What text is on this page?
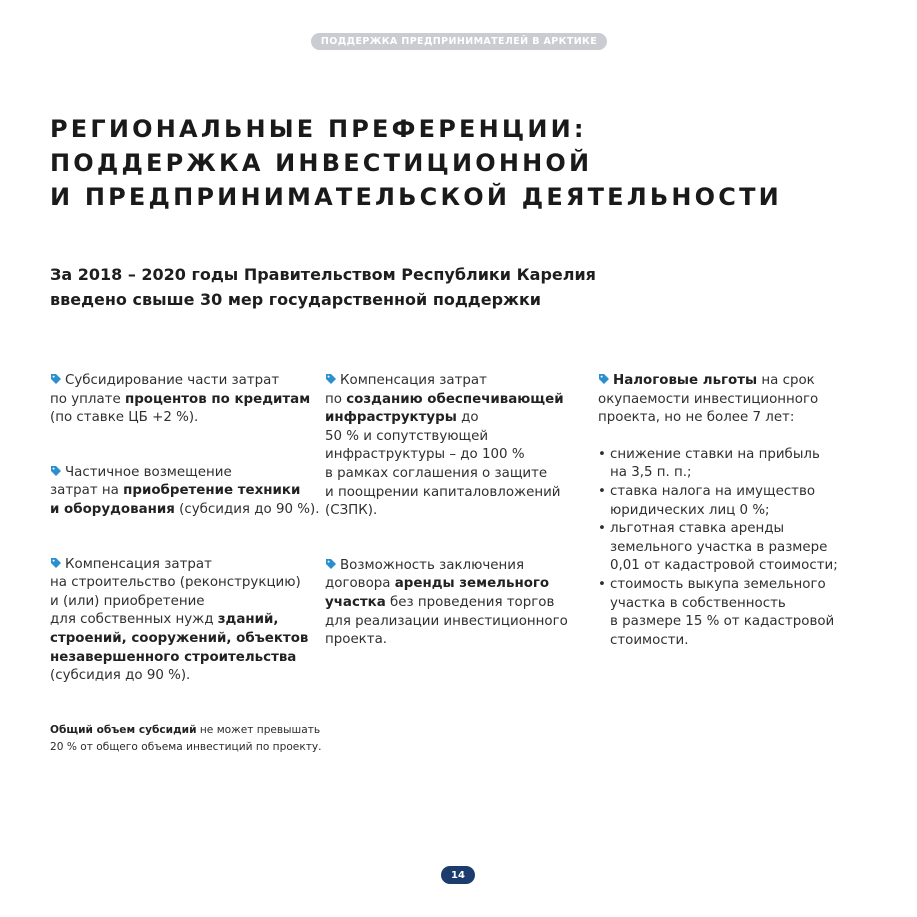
ПОДДЕРЖКА ПРЕДПРИНИМАТЕЛЕЙ В АРКТИКЕ
РЕГИОНАЛЬНЫЕ ПРЕФЕРЕНЦИИ:
ПОДДЕРЖКА ИНВЕСТИЦИОННОЙ
И ПРЕДПРИНИМАТЕЛЬСКОЙ ДЕЯТЕЛЬНОСТИ
За 2018 – 2020 годы Правительством Республики Карелия
введено свыше 30 мер государственной поддержки
Субсидирование части затрат
по уплате процентов по кредитам
(по ставке ЦБ +2 %).
Частичное возмещение
затрат на приобретение техники
и оборудования (субсидия до 90 %).
Компенсация затрат
на строительство (реконструкцию)
и (или) приобретение
для собственных нужд зданий,
строений, сооружений, объектов
незавершенного строительства
(субсидия до 90 %).
Общий объем субсидий не может превышать
20 % от общего объема инвестиций по проекту.
Компенсация затрат
по созданию обеспечивающей
инфраструктуры до
50 % и сопутствующей
инфраструктуры – до 100 %
в рамках соглашения о защите
и поощрении капиталовложений
(СЗПК).
Возможность заключения
договора аренды земельного
участка без проведения торгов
для реализации инвестиционного
проекта.
Налоговые льготы на срок
окупаемости инвестиционного
проекта, но не более 7 лет:
• снижение ставки на прибыль
на 3,5 п. п.;
• ставка налога на имущество
юридических лиц 0 %;
• льготная ставка аренды
земельного участка в размере
0,01 от кадастровой стоимости;
• стоимость выкупа земельного
участка в собственность
в размере 15 % от кадастровой
стоимости.
14
